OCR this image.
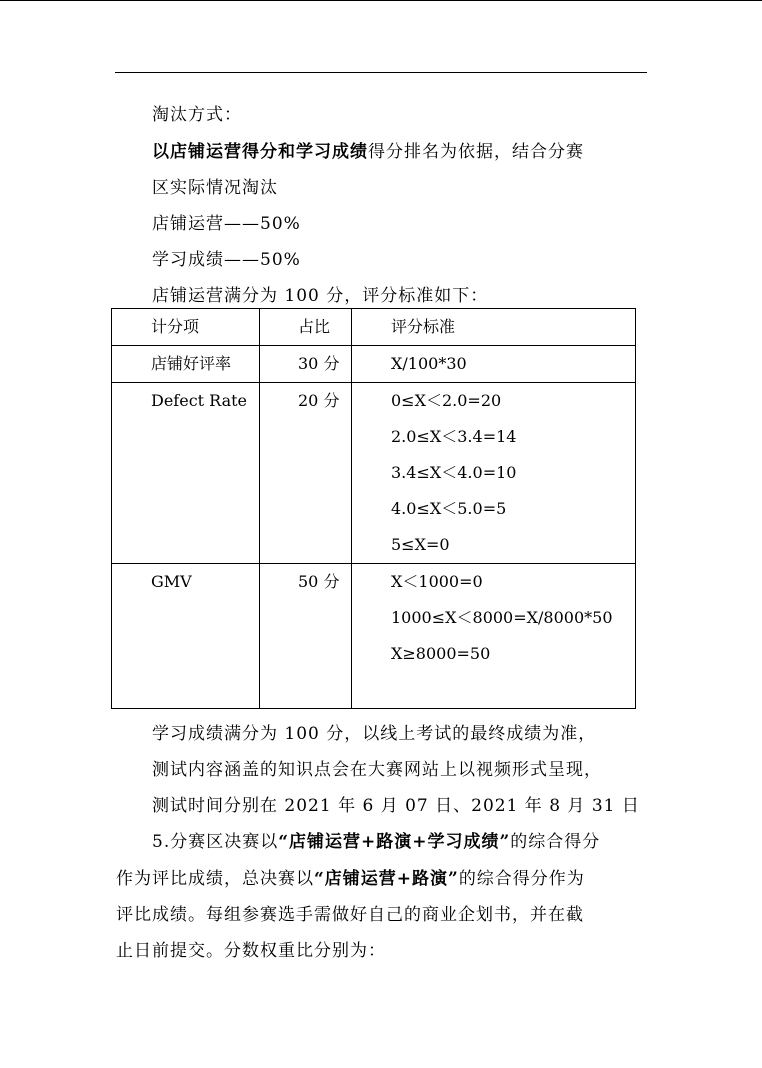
淘汰方式：
以店铺运营得分和学习成绩得分排名为依据，结合分赛
区实际情况淘汰
店铺运营——50%
学习成绩——50%
店铺运营满分为 100 分，评分标准如下：
计分项	占比	评分标准

店铺好评率	30 分	X/100*30

Defect Rate	20 分	0≤X＜2.0=20
2.0≤X＜3.4=14
3.4≤X＜4.0=10
4.0≤X＜5.0=5
5≤X=0

GMV	50 分	X＜1000=0
1000≤X＜8000=X/8000*50
X≥8000=50
学习成绩满分为 100 分，以线上考试的最终成绩为准，
测试内容涵盖的知识点会在大赛网站上以视频形式呈现，
测试时间分别在 2021 年 6 月 07 日、2021 年 8 月 31 日
5.分赛区决赛以“店铺运营+路演+学习成绩”的综合得分
作为评比成绩，总决赛以“店铺运营+路演”的综合得分作为
评比成绩。每组参赛选手需做好自己的商业企划书，并在截
止日前提交。分数权重比分别为：
